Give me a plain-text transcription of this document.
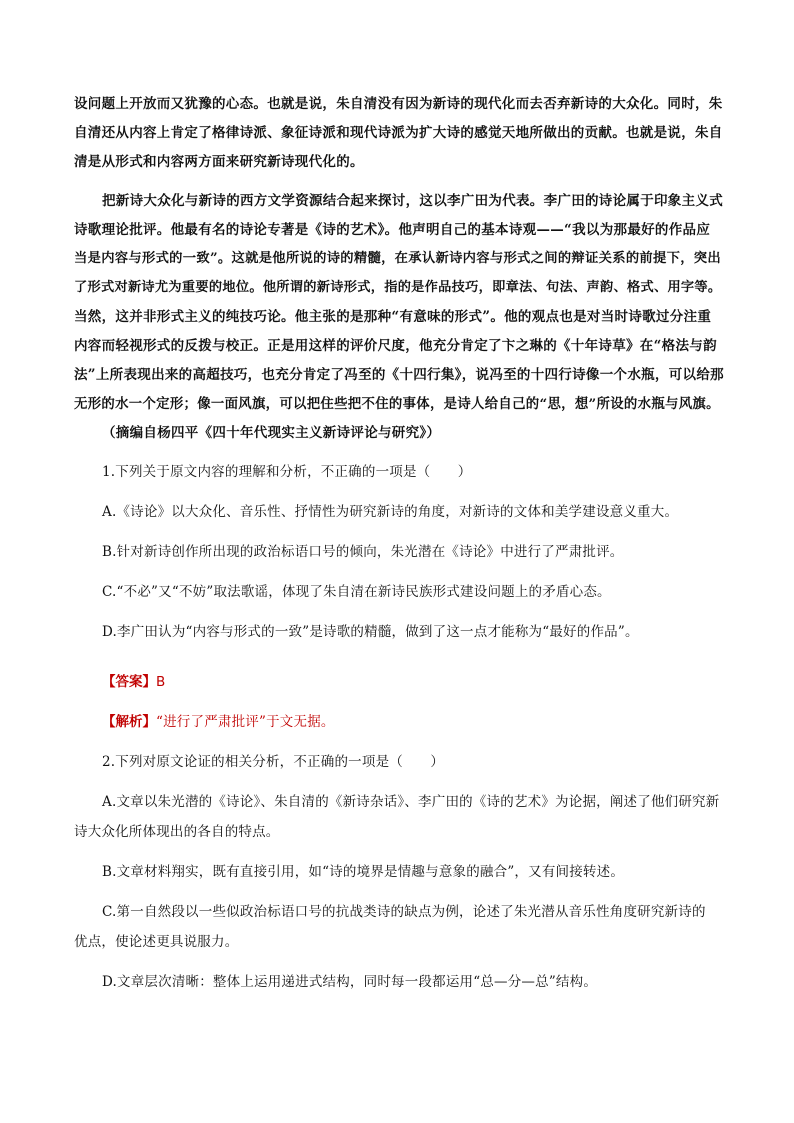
设问题上开放而又犹豫的心态。也就是说，朱自清没有因为新诗的现代化而去否弃新诗的大众化。同时，朱
自清还从内容上肯定了格律诗派、象征诗派和现代诗派为扩大诗的感觉天地所做出的贡献。也就是说，朱自
清是从形式和内容两方面来研究新诗现代化的。
把新诗大众化与新诗的西方文学资源结合起来探讨，这以李广田为代表。李广田的诗论属于印象主义式
诗歌理论批评。他最有名的诗论专著是《诗的艺术》。他声明自己的基本诗观——“我以为那最好的作品应
当是内容与形式的一致”。这就是他所说的诗的精髓，在承认新诗内容与形式之间的辩证关系的前提下，突出
了形式对新诗尤为重要的地位。他所谓的新诗形式，指的是作品技巧，即章法、句法、声韵、格式、用字等。
当然，这并非形式主义的纯技巧论。他主张的是那种“有意味的形式”。他的观点也是对当时诗歌过分注重
内容而轻视形式的反拨与校正。正是用这样的评价尺度，他充分肯定了卞之琳的《十年诗草》在“格法与韵
法”上所表现出来的高超技巧，也充分肯定了冯至的《十四行集》，说冯至的十四行诗像一个水瓶，可以给那
无形的水一个定形；像一面风旗，可以把住些把不住的事体，是诗人给自己的“思，想”所设的水瓶与风旗。
（摘编自杨四平《四十年代现实主义新诗评论与研究》）
1.下列关于原文内容的理解和分析，不正确的一项是（　　）
A.《诗论》以大众化、音乐性、抒情性为研究新诗的角度，对新诗的文体和美学建设意义重大。
B.针对新诗创作所出现的政治标语口号的倾向，朱光潜在《诗论》中进行了严肃批评。
C.“不必”又“不妨”取法歌谣，体现了朱自清在新诗民族形式建设问题上的矛盾心态。
D.李广田认为“内容与形式的一致”是诗歌的精髓，做到了这一点才能称为“最好的作品”。
【答案】B
【解析】“进行了严肃批评”于文无据。
2.下列对原文论证的相关分析，不正确的一项是（　　）
A.文章以朱光潜的《诗论》、朱自清的《新诗杂话》、李广田的《诗的艺术》为论据，阐述了他们研究新
诗大众化所体现出的各自的特点。
B.文章材料翔实，既有直接引用，如“诗的境界是情趣与意象的融合”，又有间接转述。
C.第一自然段以一些似政治标语口号的抗战类诗的缺点为例，论述了朱光潜从音乐性角度研究新诗的
优点，使论述更具说服力。
D.文章层次清晰：整体上运用递进式结构，同时每一段都运用“总—分—总”结构。
